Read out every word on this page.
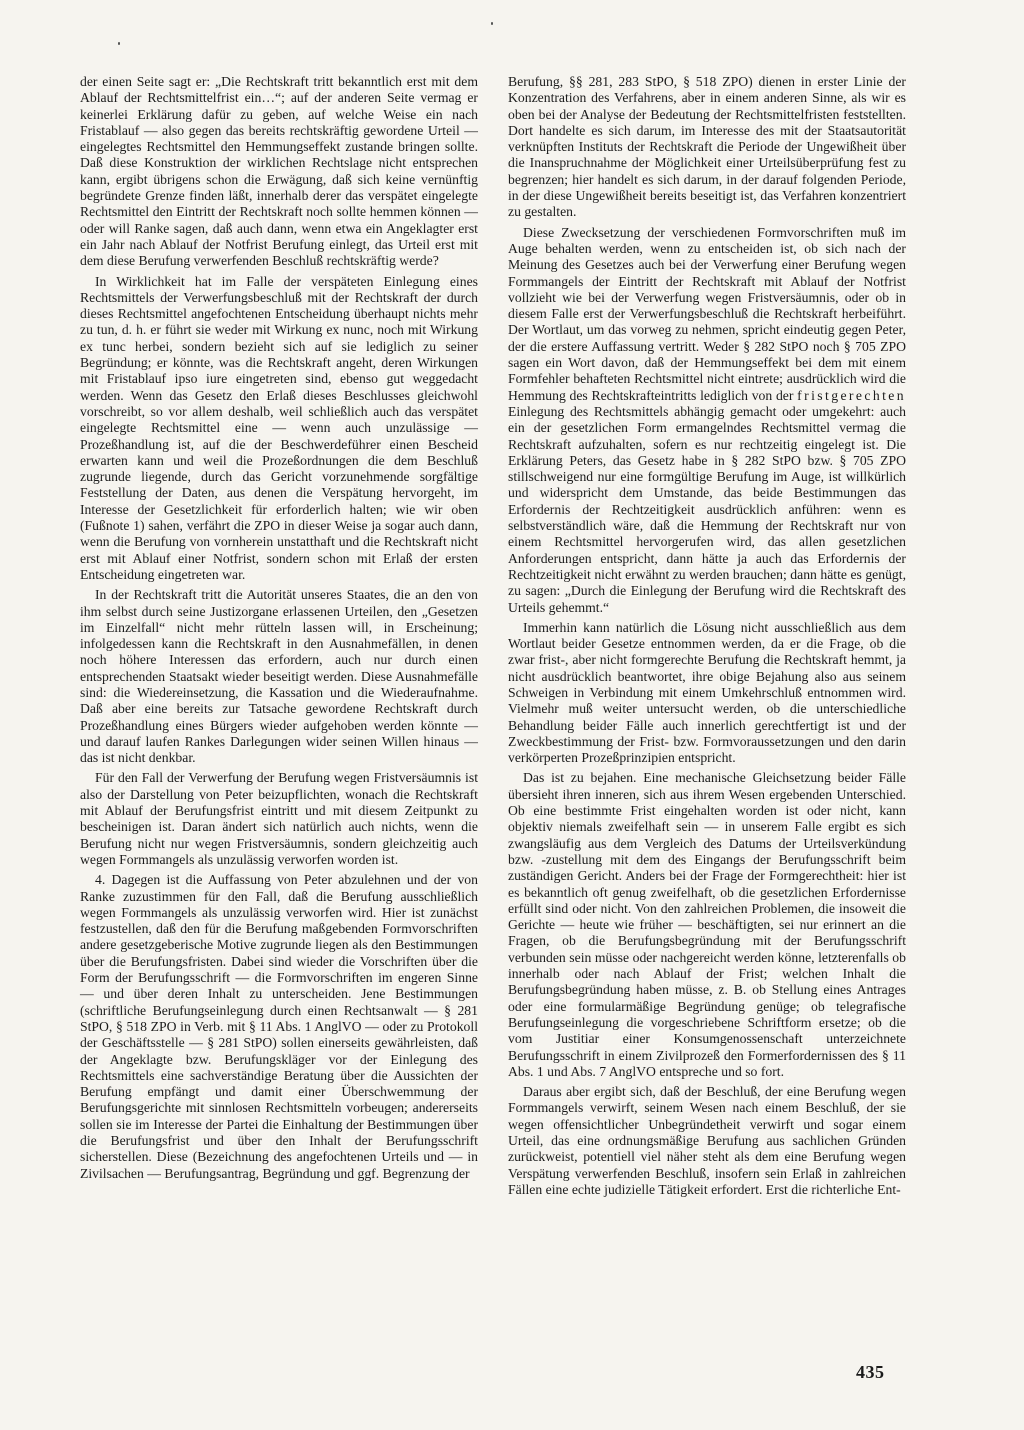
der einen Seite sagt er: „Die Rechtskraft tritt bekanntlich erst mit dem Ablauf der Rechtsmittelfrist ein…“; auf der anderen Seite vermag er keinerlei Erklärung dafür zu geben, auf welche Weise ein nach Fristablauf — also gegen das bereits rechtskräftig gewordene Urteil — eingelegtes Rechtsmittel den Hemmungseffekt zustande bringen sollte. Daß diese Konstruktion der wirklichen Rechtslage nicht entsprechen kann, ergibt übrigens schon die Erwägung, daß sich keine vernünftig begründete Grenze finden läßt, innerhalb derer das verspätet eingelegte Rechtsmittel den Eintritt der Rechtskraft noch sollte hemmen können — oder will Ranke sagen, daß auch dann, wenn etwa ein Angeklagter erst ein Jahr nach Ablauf der Notfrist Berufung einlegt, das Urteil erst mit dem diese Berufung verwerfenden Beschluß rechtskräftig werde?

In Wirklichkeit hat im Falle der verspäteten Einlegung eines Rechtsmittels der Verwerfungsbeschluß mit der Rechtskraft der durch dieses Rechtsmittel angefochtenen Entscheidung überhaupt nichts mehr zu tun, d. h. er führt sie weder mit Wirkung ex nunc, noch mit Wirkung ex tunc herbei, sondern bezieht sich auf sie lediglich zu seiner Begründung; er könnte, was die Rechtskraft angeht, deren Wirkungen mit Fristablauf ipso iure eingetreten sind, ebenso gut weggedacht werden. Wenn das Gesetz den Erlaß dieses Beschlusses gleichwohl vorschreibt, so vor allem deshalb, weil schließlich auch das verspätet eingelegte Rechtsmittel eine — wenn auch unzulässige — Prozeßhandlung ist, auf die der Beschwerdeführer einen Bescheid erwarten kann und weil die Prozeßordnungen die dem Beschluß zugrunde liegende, durch das Gericht vorzunehmende sorgfältige Feststellung der Daten, aus denen die Verspätung hervorgeht, im Interesse der Gesetzlichkeit für erforderlich halten; wie wir oben (Fußnote 1) sahen, verfährt die ZPO in dieser Weise ja sogar auch dann, wenn die Berufung von vornherein unstatthaft und die Rechtskraft nicht erst mit Ablauf einer Notfrist, sondern schon mit Erlaß der ersten Entscheidung eingetreten war.

In der Rechtskraft tritt die Autorität unseres Staates, die an den von ihm selbst durch seine Justizorgane erlassenen Urteilen, den „Gesetzen im Einzelfall“ nicht mehr rütteln lassen will, in Erscheinung; infolgedessen kann die Rechtskraft in den Ausnahmefällen, in denen noch höhere Interessen das erfordern, auch nur durch einen entsprechenden Staatsakt wieder beseitigt werden. Diese Ausnahmefälle sind: die Wiedereinsetzung, die Kassation und die Wiederaufnahme. Daß aber eine bereits zur Tatsache gewordene Rechtskraft durch Prozeßhandlung eines Bürgers wieder aufgehoben werden könnte — und darauf laufen Rankes Darlegungen wider seinen Willen hinaus — das ist nicht denkbar.

Für den Fall der Verwerfung der Berufung wegen Fristversäumnis ist also der Darstellung von Peter beizupflichten, wonach die Rechtskraft mit Ablauf der Berufungsfrist eintritt und mit diesem Zeitpunkt zu bescheinigen ist. Daran ändert sich natürlich auch nichts, wenn die Berufung nicht nur wegen Fristversäumnis, sondern gleichzeitig auch wegen Formmangels als unzulässig verworfen worden ist.

4. Dagegen ist die Auffassung von Peter abzulehnen und der von Ranke zuzustimmen für den Fall, daß die Berufung ausschließlich wegen Formmangels als unzulässig verworfen wird. Hier ist zunächst festzustellen, daß den für die Berufung maßgebenden Formvorschriften andere gesetzgeberische Motive zugrunde liegen als den Bestimmungen über die Berufungsfristen. Dabei sind wieder die Vorschriften über die Form der Berufungsschrift — die Formvorschriften im engeren Sinne — und über deren Inhalt zu unterscheiden. Jene Bestimmungen (schriftliche Berufungseinlegung durch einen Rechtsanwalt — § 281 StPO, § 518 ZPO in Verb. mit § 11 Abs. 1 AnglVO — oder zu Protokoll der Geschäftsstelle — § 281 StPO) sollen einerseits gewährleisten, daß der Angeklagte bzw. Berufungskläger vor der Einlegung des Rechtsmittels eine sachverständige Beratung über die Aussichten der Berufung empfängt und damit einer Überschwemmung der Berufungsgerichte mit sinnlosen Rechtsmitteln vorbeugen; andererseits sollen sie im Interesse der Partei die Einhaltung der Bestimmungen über die Berufungsfrist und über den Inhalt der Berufungsschrift sicherstellen. Diese (Bezeichnung des angefochtenen Urteils und — in Zivilsachen — Berufungsantrag, Begründung und ggf. Begrenzung der

Berufung, §§ 281, 283 StPO, § 518 ZPO) dienen in erster Linie der Konzentration des Verfahrens, aber in einem anderen Sinne, als wir es oben bei der Analyse der Bedeutung der Rechtsmittelfristen feststellten. Dort handelte es sich darum, im Interesse des mit der Staatsautorität verknüpften Instituts der Rechtskraft die Periode der Ungewißheit über die Inanspruchnahme der Möglichkeit einer Urteilsüberprüfung fest zu begrenzen; hier handelt es sich darum, in der darauf folgenden Periode, in der diese Ungewißheit bereits beseitigt ist, das Verfahren konzentriert zu gestalten.

Diese Zwecksetzung der verschiedenen Formvorschriften muß im Auge behalten werden, wenn zu entscheiden ist, ob sich nach der Meinung des Gesetzes auch bei der Verwerfung einer Berufung wegen Formmangels der Eintritt der Rechtskraft mit Ablauf der Notfrist vollzieht wie bei der Verwerfung wegen Fristversäumnis, oder ob in diesem Falle erst der Verwerfungsbeschluß die Rechtskraft herbeiführt. Der Wortlaut, um das vorweg zu nehmen, spricht eindeutig gegen Peter, der die erstere Auffassung vertritt. Weder § 282 StPO noch § 705 ZPO sagen ein Wort davon, daß der Hemmungseffekt bei dem mit einem Formfehler behafteten Rechtsmittel nicht eintrete; ausdrücklich wird die Hemmung des Rechtskrafteintritts lediglich von der fristgerechten Einlegung des Rechtsmittels abhängig gemacht oder umgekehrt: auch ein der gesetzlichen Form ermangelndes Rechtsmittel vermag die Rechtskraft aufzuhalten, sofern es nur rechtzeitig eingelegt ist. Die Erklärung Peters, das Gesetz habe in § 282 StPO bzw. § 705 ZPO stillschweigend nur eine formgültige Berufung im Auge, ist willkürlich und widerspricht dem Umstande, das beide Bestimmungen das Erfordernis der Rechtzeitigkeit ausdrücklich anführen: wenn es selbstverständlich wäre, daß die Hemmung der Rechtskraft nur von einem Rechtsmittel hervorgerufen wird, das allen gesetzlichen Anforderungen entspricht, dann hätte ja auch das Erfordernis der Rechtzeitigkeit nicht erwähnt zu werden brauchen; dann hätte es genügt, zu sagen: „Durch die Einlegung der Berufung wird die Rechtskraft des Urteils gehemmt.“

Immerhin kann natürlich die Lösung nicht ausschließlich aus dem Wortlaut beider Gesetze entnommen werden, da er die Frage, ob die zwar frist-, aber nicht formgerechte Berufung die Rechtskraft hemmt, ja nicht ausdrücklich beantwortet, ihre obige Bejahung also aus seinem Schweigen in Verbindung mit einem Umkehrschluß entnommen wird. Vielmehr muß weiter untersucht werden, ob die unterschiedliche Behandlung beider Fälle auch innerlich gerechtfertigt ist und der Zweckbestimmung der Frist- bzw. Formvoraussetzungen und den darin verkörperten Prozeßprinzipien entspricht.

Das ist zu bejahen. Eine mechanische Gleichsetzung beider Fälle übersieht ihren inneren, sich aus ihrem Wesen ergebenden Unterschied. Ob eine bestimmte Frist eingehalten worden ist oder nicht, kann objektiv niemals zweifelhaft sein — in unserem Falle ergibt es sich zwangsläufig aus dem Vergleich des Datums der Urteilsverkündung bzw. -zustellung mit dem des Eingangs der Berufungsschrift beim zuständigen Gericht. Anders bei der Frage der Formgerechtheit: hier ist es bekanntlich oft genug zweifelhaft, ob die gesetzlichen Erfordernisse erfüllt sind oder nicht. Von den zahlreichen Problemen, die insoweit die Gerichte — heute wie früher — beschäftigten, sei nur erinnert an die Fragen, ob die Berufungsbegründung mit der Berufungsschrift verbunden sein müsse oder nachgereicht werden könne, letzterenfalls ob innerhalb oder nach Ablauf der Frist; welchen Inhalt die Berufungsbegründung haben müsse, z. B. ob Stellung eines Antrages oder eine formularmäßige Begründung genüge; ob telegrafische Berufungseinlegung die vorgeschriebene Schriftform ersetze; ob die vom Justitiar einer Konsumgenossenschaft unterzeichnete Berufungsschrift in einem Zivilprozeß den Formerfordernissen des § 11 Abs. 1 und Abs. 7 AnglVO entspreche und so fort.

Daraus aber ergibt sich, daß der Beschluß, der eine Berufung wegen Formmangels verwirft, seinem Wesen nach einem Beschluß, der sie wegen offensichtlicher Unbegründetheit verwirft und sogar einem Urteil, das eine ordnungsmäßige Berufung aus sachlichen Gründen zurückweist, potentiell viel näher steht als dem eine Berufung wegen Verspätung verwerfenden Beschluß, insofern sein Erlaß in zahlreichen Fällen eine echte judizielle Tätigkeit erfordert. Erst die richterliche Ent-

435
